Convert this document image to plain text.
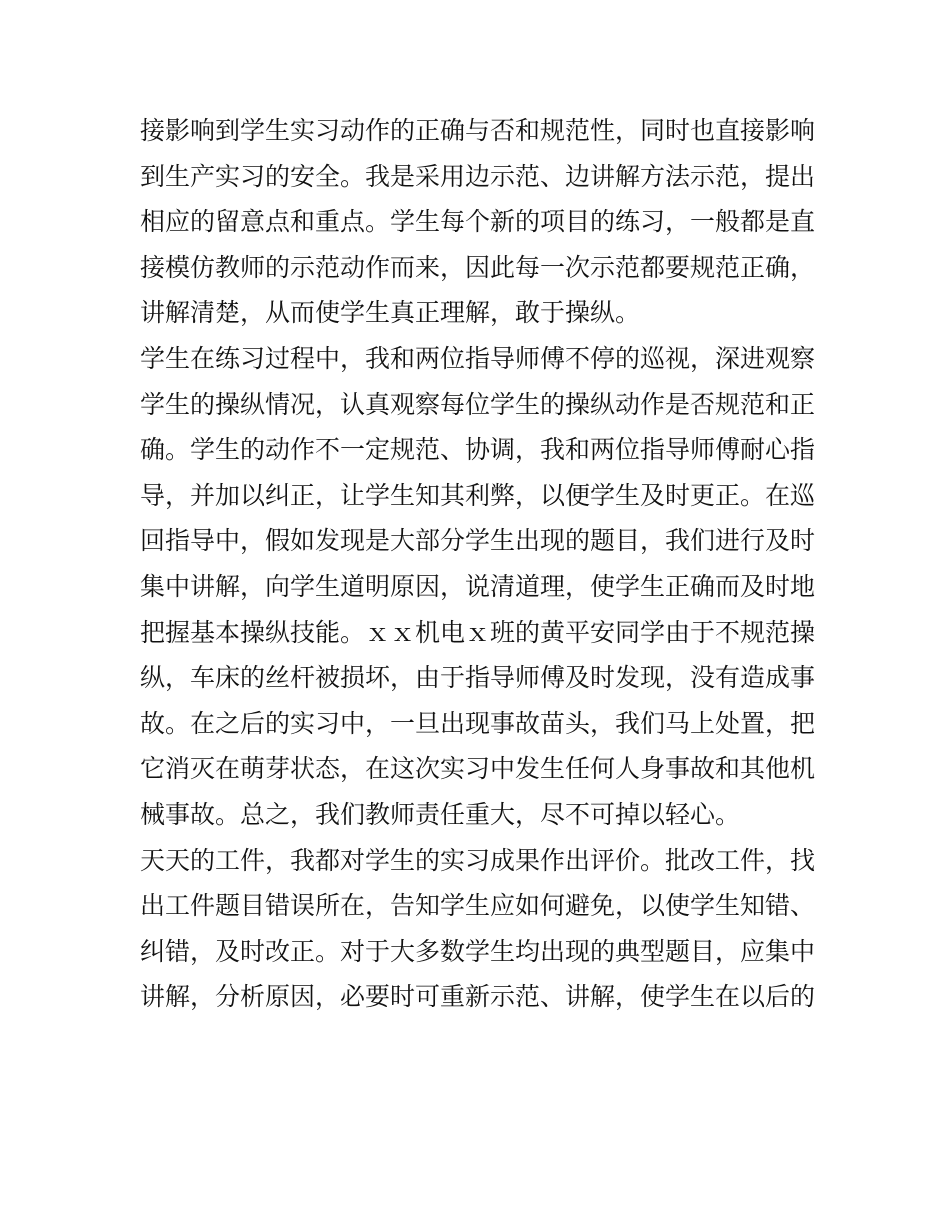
接影响到学生实习动作的正确与否和规范性，同时也直接影响
到生产实习的安全。我是采用边示范、边讲解方法示范，提出
相应的留意点和重点。学生每个新的项目的练习，一般都是直
接模仿教师的示范动作而来，因此每一次示范都要规范正确，
讲解清楚，从而使学生真正理解，敢于操纵。
学生在练习过程中，我和两位指导师傅不停的巡视，深进观察
学生的操纵情况，认真观察每位学生的操纵动作是否规范和正
确。学生的动作不一定规范、协调，我和两位指导师傅耐心指
导，并加以纠正，让学生知其利弊，以便学生及时更正。在巡
回指导中，假如发现是大部分学生出现的题目，我们进行及时
集中讲解，向学生道明原因，说清道理，使学生正确而及时地
把握基本操纵技能。ｘｘ机电ｘ班的黄平安同学由于不规范操
纵，车床的丝杆被损坏，由于指导师傅及时发现，没有造成事
故。在之后的实习中，一旦出现事故苗头，我们马上处置，把
它消灭在萌芽状态，在这次实习中发生任何人身事故和其他机
械事故。总之，我们教师责任重大，尽不可掉以轻心。
天天的工件，我都对学生的实习成果作出评价。批改工件，找
出工件题目错误所在，告知学生应如何避免，以使学生知错、
纠错，及时改正。对于大多数学生均出现的典型题目，应集中
讲解，分析原因，必要时可重新示范、讲解，使学生在以后的
